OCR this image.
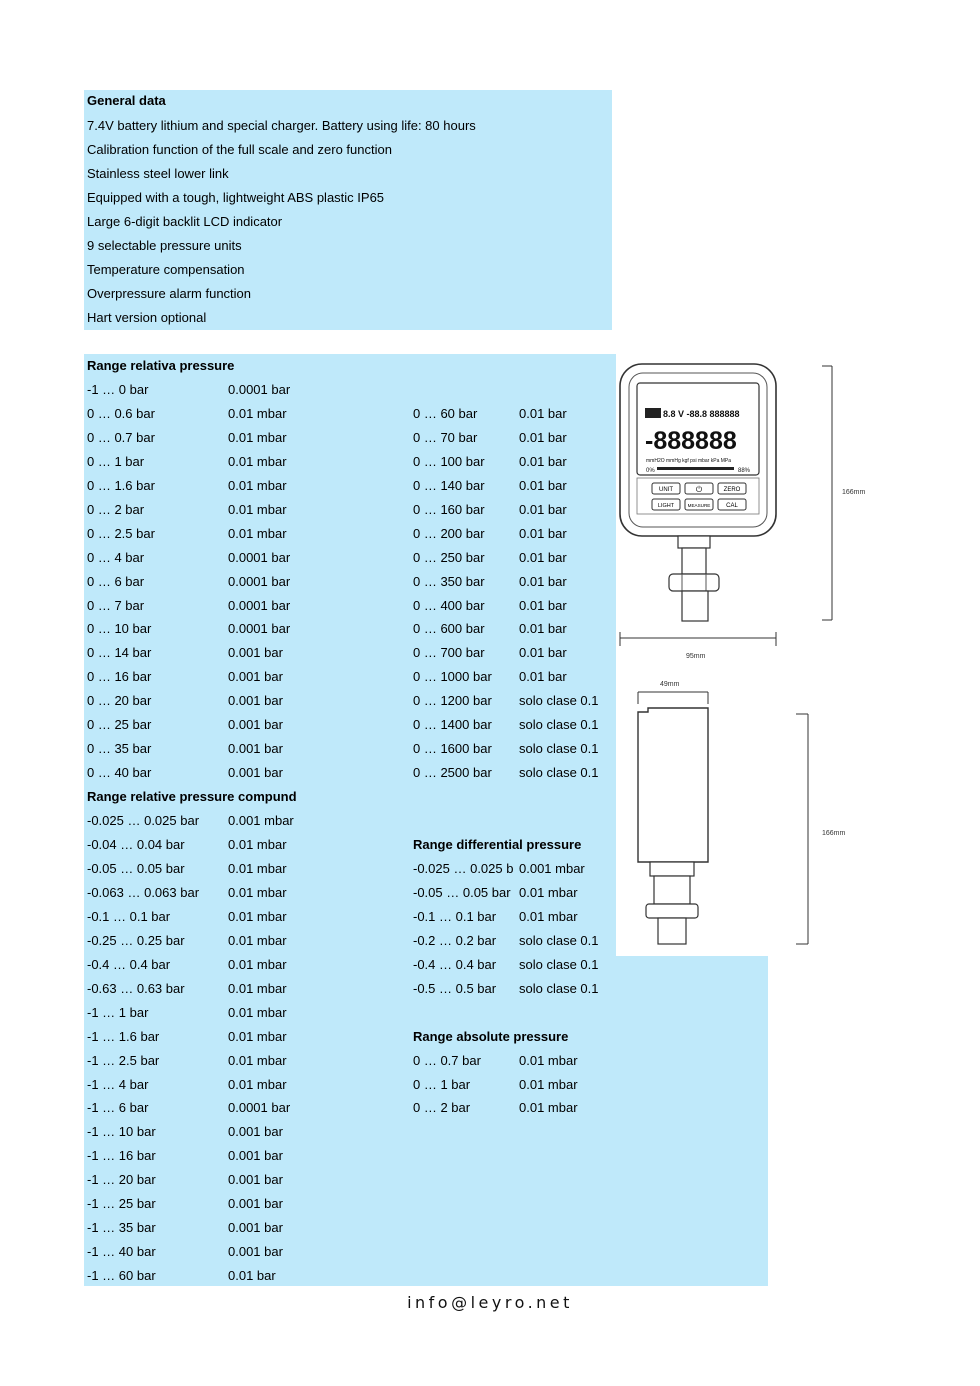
8.8 V -88.8 888888
-888888
mmH2O mmHg kgf psi mbar kPa MPa
0%	88%
UNIT	⏻	ZERO
LIGHT	MEASURE	CAL
166mm
95mm
49mm
166mm
info@leyro.net
General data
7.4V battery lithium and special charger. Battery using life: 80 hours
Calibration function of the full scale and zero function
Stainless steel lower link
Equipped with a tough, lightweight ABS plastic IP65
Large 6-digit backlit LCD indicator
9 selectable pressure units
Temperature compensation
Overpressure alarm function
Hart version optional
Range relativa pressure
-1 … 0 bar	0.0001 bar
0 … 0.6 bar	0.01 mbar	0 … 60 bar	0.01 bar
0 … 0.7 bar	0.01 mbar	0 … 70 bar	0.01 bar
0 … 1 bar	0.01 mbar	0 … 100 bar	0.01 bar
0 … 1.6 bar	0.01 mbar	0 … 140 bar	0.01 bar
0 … 2 bar	0.01 mbar	0 … 160 bar	0.01 bar
0 … 2.5 bar	0.01 mbar	0 … 200 bar	0.01 bar
0 … 4 bar	0.0001 bar	0 … 250 bar	0.01 bar
0 … 6 bar	0.0001 bar	0 … 350 bar	0.01 bar
0 … 7 bar	0.0001 bar	0 … 400 bar	0.01 bar
0 … 10 bar	0.0001 bar	0 … 600 bar	0.01 bar
0 … 14 bar	0.001 bar	0 … 700 bar	0.01 bar
0 … 16 bar	0.001 bar	0 … 1000 bar 0.01 bar
0 … 20 bar	0.001 bar	0 … 1200 bar solo clase 0.1
0 … 25 bar	0.001 bar	0 … 1400 bar solo clase 0.1
0 … 35 bar	0.001 bar	0 … 1600 bar solo clase 0.1
0 … 40 bar	0.001 bar	0 … 2500 bar solo clase 0.1
Range relative pressure compund
-0.025 … 0.025 bar 0.001 mbar
-0.04 … 0.04 bar	0.01 mbar	Range differential pressure
-0.05 … 0.05 bar	0.01 mbar	-0.025 … 0.025 b 0.001 mbar
-0.063 … 0.063 bar 0.01 mbar	-0.05 … 0.05 bar 0.01 mbar
-0.1 … 0.1 bar	0.01 mbar	-0.1 … 0.1 bar 0.01 mbar
-0.25 … 0.25 bar	0.01 mbar	-0.2 … 0.2 bar solo clase 0.1
-0.4 … 0.4 bar	0.01 mbar	-0.4 … 0.4 bar solo clase 0.1
-0.63 … 0.63 bar	0.01 mbar	-0.5 … 0.5 bar solo clase 0.1
-1 … 1 bar	0.01 mbar
-1 … 1.6 bar	0.01 mbar	Range absolute pressure
-1 … 2.5 bar	0.01 mbar	0 … 0.7 bar	0.01 mbar
-1 … 4 bar	0.01 mbar	0 … 1 bar	0.01 mbar
-1 … 6 bar	0.0001 bar	0 … 2 bar	0.01 mbar
-1 … 10 bar	0.001 bar
-1 … 16 bar	0.001 bar
-1 … 20 bar	0.001 bar
-1 … 25 bar	0.001 bar
-1 … 35 bar	0.001 bar
-1 … 40 bar	0.001 bar
-1 … 60 bar	0.01 bar
